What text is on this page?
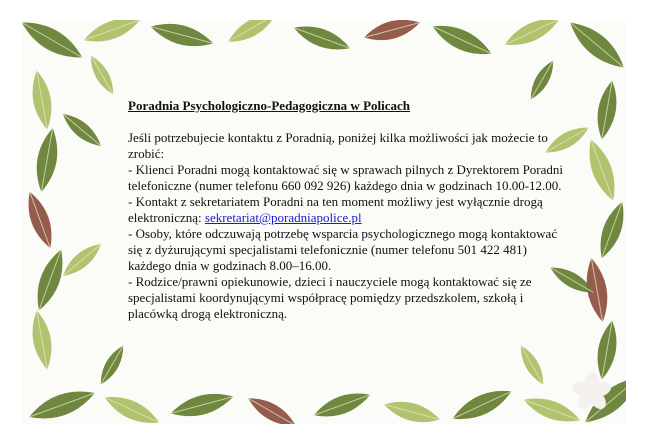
Poradnia Psychologiczno-Pedagogiczna w Policach
Jeśli potrzebujecie kontaktu z Poradnią, poniżej kilka możliwości jak możecie to zrobić:
- Klienci Poradni mogą kontaktować się w sprawach pilnych z Dyrektorem Poradni telefoniczne (numer telefonu 660 092 926) każdego dnia w godzinach 10.00-12.00.
- Kontakt z sekretariatem Poradni na ten moment możliwy jest wyłącznie drogą elektroniczną: sekretariat@poradniapolice.pl
- Osoby, które odczuwają potrzebę wsparcia psychologicznego mogą kontaktować się z dyżurującymi specjalistami telefonicznie (numer telefonu 501 422 481) każdego dnia w godzinach 8.00–16.00.
- Rodzice/prawni opiekunowie, dzieci i nauczyciele mogą kontaktować się ze specjalistami koordynującymi współpracę pomiędzy przedszkolem, szkołą i placówką drogą elektroniczną.
